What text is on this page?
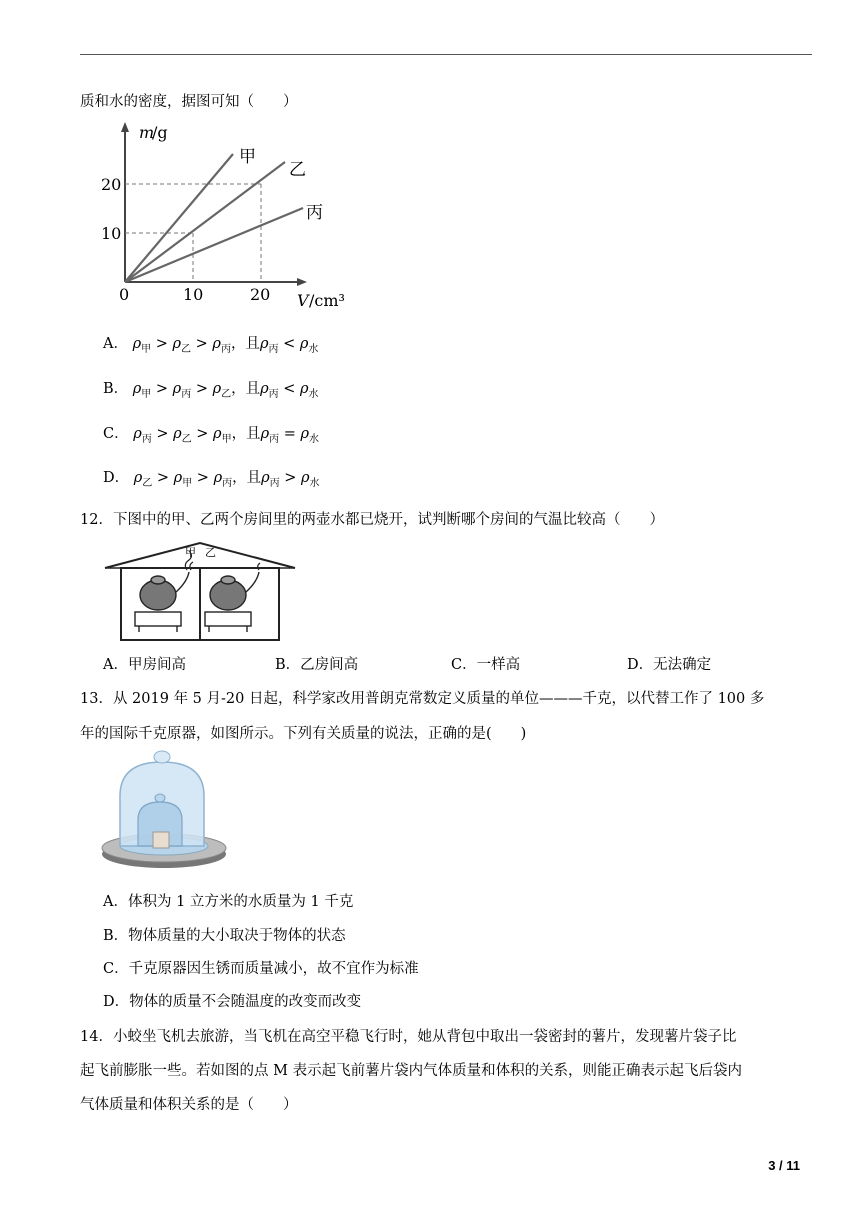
质和水的密度，据图可知（　　）
甲
乙
丙
m
/g
V /cm³
0	10	20
10
20
A． $\rho_甲 > \rho_乙 > \rho_丙$，且$\rho_丙 < \rho_水$
B． $\rho_甲 > \rho_丙 > \rho_乙$，且$\rho_丙 < \rho_水$
C． $\rho_丙 > \rho_乙 > \rho_甲$，且$\rho_丙 = \rho_水$
D． $\rho_乙 > \rho_甲 > \rho_丙$，且$\rho_丙 > \rho_水$
12．下图中的甲、乙两个房间里的两壶水都已烧开，试判断哪个房间的气温比较高（　　）
甲 乙
A．甲房间高	B．乙房间高	C．一样高	D．无法确定
13．从 2019 年 5 月-20 日起，科学家改用普朗克常数定义质量的单位———千克，以代替工作了 100 多
年的国际千克原器，如图所示。下列有关质量的说法，正确的是(　　)
A．体积为 1 立方米的水质量为 1 千克
B．物体质量的大小取决于物体的状态
C．千克原器因生锈而质量减小，故不宜作为标准
D．物体的质量不会随温度的改变而改变
14．小蛟坐飞机去旅游，当飞机在高空平稳飞行时，她从背包中取出一袋密封的薯片，发现薯片袋子比
起飞前膨胀一些。若如图的点 M 表示起飞前薯片袋内气体质量和体积的关系，则能正确表示起飞后袋内
气体质量和体积关系的是（　　）
3 / 11
